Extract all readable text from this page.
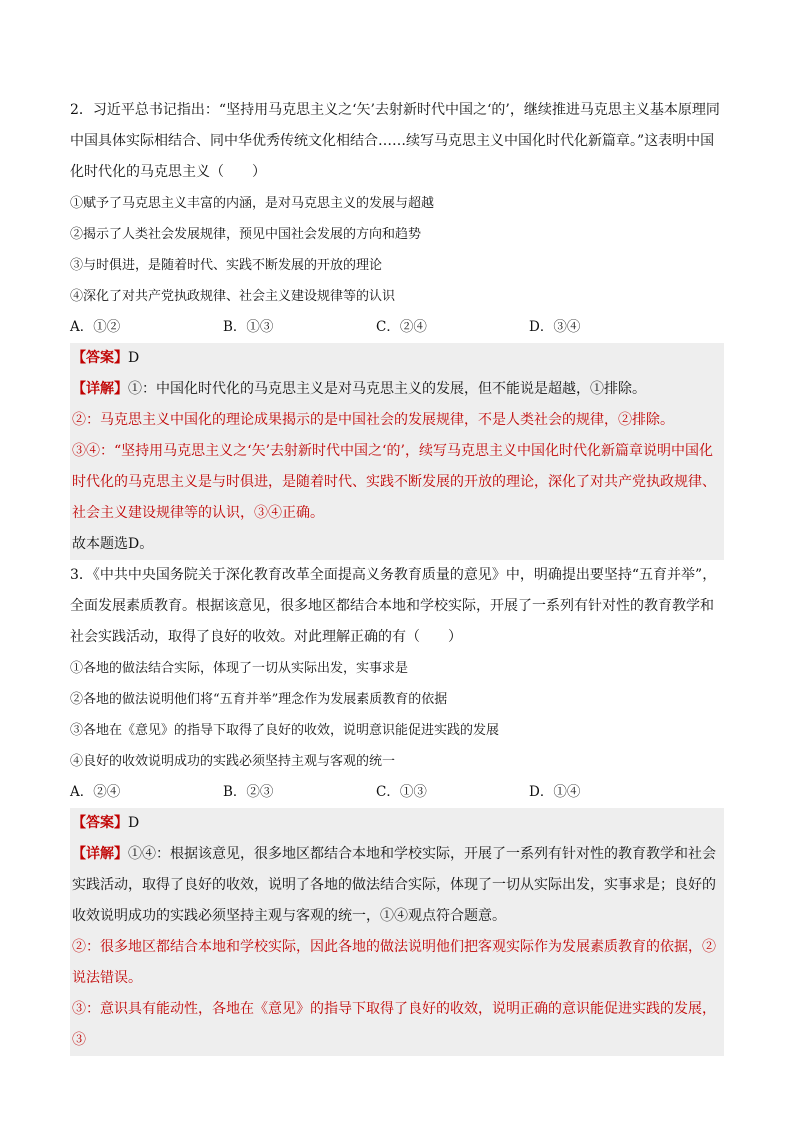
2．习近平总书记指出：“坚持用马克思主义之‘矢’去射新时代中国之‘的’，继续推进马克思主义基本原理同中国具体实际相结合、同中华优秀传统文化相结合……续写马克思主义中国化时代化新篇章。”这表明中国化时代化的马克思主义（　　）

①赋予了马克思主义丰富的内涵，是对马克思主义的发展与超越

②揭示了人类社会发展规律，预见中国社会发展的方向和趋势

③与时俱进，是随着时代、实践不断发展的开放的理论

④深化了对共产党执政规律、社会主义建设规律等的认识

A．①②	B．①③	C．②④	D．③④

【答案】D

【详解】①：中国化时代化的马克思主义是对马克思主义的发展，但不能说是超越，①排除。

②：马克思主义中国化的理论成果揭示的是中国社会的发展规律，不是人类社会的规律，②排除。

③④：“坚持用马克思主义之‘矢’去射新时代中国之‘的’，续写马克思主义中国化时代化新篇章说明中国化时代化的马克思主义是与时俱进，是随着时代、实践不断发展的开放的理论，深化了对共产党执政规律、社会主义建设规律等的认识，③④正确。

故本题选D。

3．《中共中央国务院关于深化教育改革全面提高义务教育质量的意见》中，明确提出要坚持“五育并举”，全面发展素质教育。根据该意见，很多地区都结合本地和学校实际，开展了一系列有针对性的教育教学和社会实践活动，取得了良好的收效。对此理解正确的有（　　）

①各地的做法结合实际，体现了一切从实际出发，实事求是

②各地的做法说明他们将“五育并举”理念作为发展素质教育的依据

③各地在《意见》的指导下取得了良好的收效，说明意识能促进实践的发展

④良好的收效说明成功的实践必须坚持主观与客观的统一

A．②④	B．②③	C．①③	D．①④

【答案】D

【详解】①④：根据该意见，很多地区都结合本地和学校实际，开展了一系列有针对性的教育教学和社会实践活动，取得了良好的收效，说明了各地的做法结合实际，体现了一切从实际出发，实事求是；良好的收效说明成功的实践必须坚持主观与客观的统一，①④观点符合题意。

②：很多地区都结合本地和学校实际，因此各地的做法说明他们把客观实际作为发展素质教育的依据，②说法错误。

③：意识具有能动性，各地在《意见》的指导下取得了良好的收效，说明正确的意识能促进实践的发展，③
